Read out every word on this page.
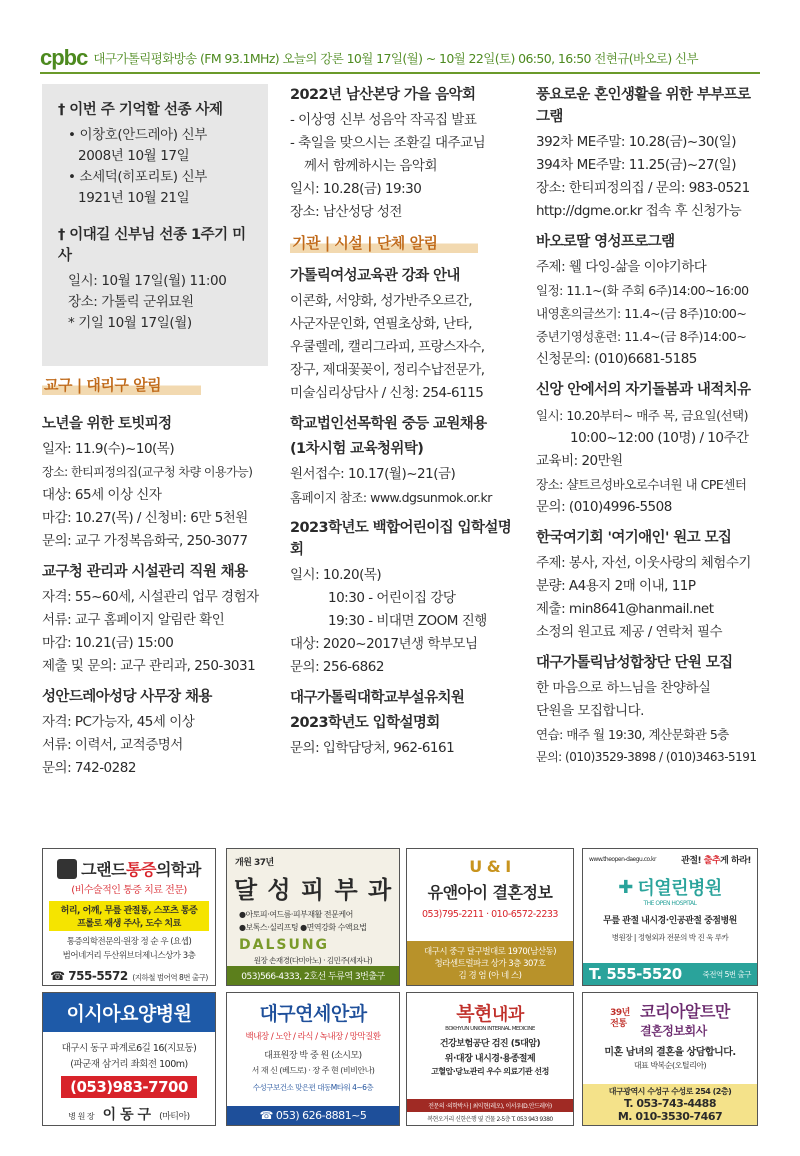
cpbc 대구가톨릭평화방송 (FM 93.1MHz) 오늘의 강론 10월 17일(월) ~ 10월 22일(토) 06:50, 16:50 전현규(바오로) 신부
† 이번 주 기억할 선종 사제
• 이창호(안드레아) 신부
2008년 10월 17일
• 소세덕(히포리토) 신부
1921년 10월 21일
† 이대길 신부님 선종 1주기 미사
일시: 10월 17일(월) 11:00
장소: 가톨릭 군위묘원
* 기일 10월 17일(월)
교구 | 대리구 알림
노년을 위한 토빗피정
일자: 11.9(수)~10(목)
장소: 한티피정의집(교구청 차량 이용가능)
대상: 65세 이상 신자
마감: 10.27(목) / 신청비: 6만 5천원
문의: 교구 가정복음화국, 250-3077
교구청 관리과 시설관리 직원 채용
자격: 55~60세, 시설관리 업무 경험자
서류: 교구 홈페이지 알림란 확인
마감: 10.21(금) 15:00
제출 및 문의: 교구 관리과, 250-3031
성안드레아성당 사무장 채용
자격: PC가능자, 45세 이상
서류: 이력서, 교적증명서
문의: 742-0282
2022년 남산본당 가을 음악회
- 이상영 신부 성음악 작곡집 발표
- 축일을 맞으시는 조환길 대주교님
께서 함께하시는 음악회
일시: 10.28(금) 19:30
장소: 남산성당 성전
기관 | 시설 | 단체 알림
가톨릭여성교육관 강좌 안내
이콘화, 서양화, 성가반주오르간,
사군자문인화, 연필초상화, 난타,
우쿨렐레, 캘리그라피, 프랑스자수,
장구, 제대꽃꽂이, 정리수납전문가,
미술심리상담사 / 신청: 254-6115
학교법인선목학원 중등 교원채용
(1차시험 교육청위탁)
원서접수: 10.17(월)~21(금)
홈페이지 참조: www.dgsunmok.or.kr
2023학년도 백합어린이집 입학설명회
일시: 10.20(목)
10:30 - 어린이집 강당
19:30 - 비대면 ZOOM 진행
대상: 2020~2017년생 학부모님
문의: 256-6862
대구가톨릭대학교부설유치원
2023학년도 입학설명회
문의: 입학담당처, 962-6161
풍요로운 혼인생활을 위한 부부프로그램
392차 ME주말: 10.28(금)~30(일)
394차 ME주말: 11.25(금)~27(일)
장소: 한티피정의집 / 문의: 983-0521
http://dgme.or.kr 접속 후 신청가능
바오로딸 영성프로그램
주제: 웰 다잉-삶을 이야기하다
일정: 11.1~(화 주회 6주)14:00~16:00
내영혼의글쓰기: 11.4~(금 8주)10:00~
중년기영성훈련: 11.4~(금 8주)14:00~
신청문의: (010)6681-5185
신앙 안에서의 자기돌봄과 내적치유
일시: 10.20부터~ 매주 목, 금요일(선택)
10:00~12:00 (10명) / 10주간
교육비: 20만원
장소: 샬트르성바오로수녀원 내 CPE센터
문의: (010)4996-5508
한국여기회 '여기애인' 원고 모집
주제: 봉사, 자선, 이웃사랑의 체험수기
분량: A4용지 2매 이내, 11P
제출: min8641@hanmail.net
소정의 원고료 제공 / 연락처 필수
대구가톨릭남성합창단 단원 모집
한 마음으로 하느님을 찬양하실
단원을 모집합니다.
연습: 매주 월 19:30, 계산문화관 5층
문의: (010)3529-3898 / (010)3463-5191
그랜드 통증 의학과
(비수술적인 통증 치료 전문)
허리, 어깨, 무릎 관절통, 스포츠 통증
프롤로 재생 주사, 도수 치료
통증의학전문의·원장 정 순 우 (요셉)
범어네거리 두산위브더제니스상가 3층
☎ 755-5572 (지하철 범어역 8번 출구)
개원 37년
달 성 피 부 과
●아토피·여드름·피부재활 전문케어
●보톡스·실리프팅 ●면역강화 수액요법
DALSUNG
원장 손재경(다미아노) · 김민주(세자나)
053)566-4333, 2호선 두류역 3번출구
U & I
유앤아이 결혼정보
053)795-2211 · 010-6572-2233
대구시 중구 달구벌대로 1970(남산동)
청라센트럴파크 상가 3층 307호
김 경 엄 (아 네 스)
www.theopen-daegu.co.kr	관절! 출추게 하라!
✚ 더열린병원
THE OPEN HOSPITAL
무릎 관절 내시경·인공관절 중점병원
병원장 | 정형외과 전문의 박 진 욱 루카
T. 555-5520	죽전역 5번 출구
이시아요양병원
대구시 동구 파계로6길 16(지묘동)
(파군재 삼거리 좌회전 100m)
(053)983-7700
병 원 장 이 동 구 (마티아)
대구연세안과
백내장 / 노안 / 라식 / 녹내장 / 망막질환
대표원장 박 중 원 (소시모)
서 재 신 (베드로) · 장 주 현 (비비안나)
수성구보건소 맞은편 대동M타워 4~6층
☎ 053) 626-8881~5
복현내과
BOKHYUN UNION INTERNAL MEDICINE
건강보험공단 검진 (5대암)
위·대장 내시경·용종절제
고혈압·당뇨관리 우수 의료기관 선정
전문의 ·의학박사 | 최익현(레오), 이서우(D.안드레아)
복현오거리 신한은행 옆 건물 2-5층 T. 053 943 9380
39년 전통
코리아알트만
결혼정보회사
미혼 남녀의 결혼을 상담합니다.
대표 박복순(오틸리아)
대구광역시 수성구 수성로 254 (2층)
T. 053-743-4488
M. 010-3530-7467
